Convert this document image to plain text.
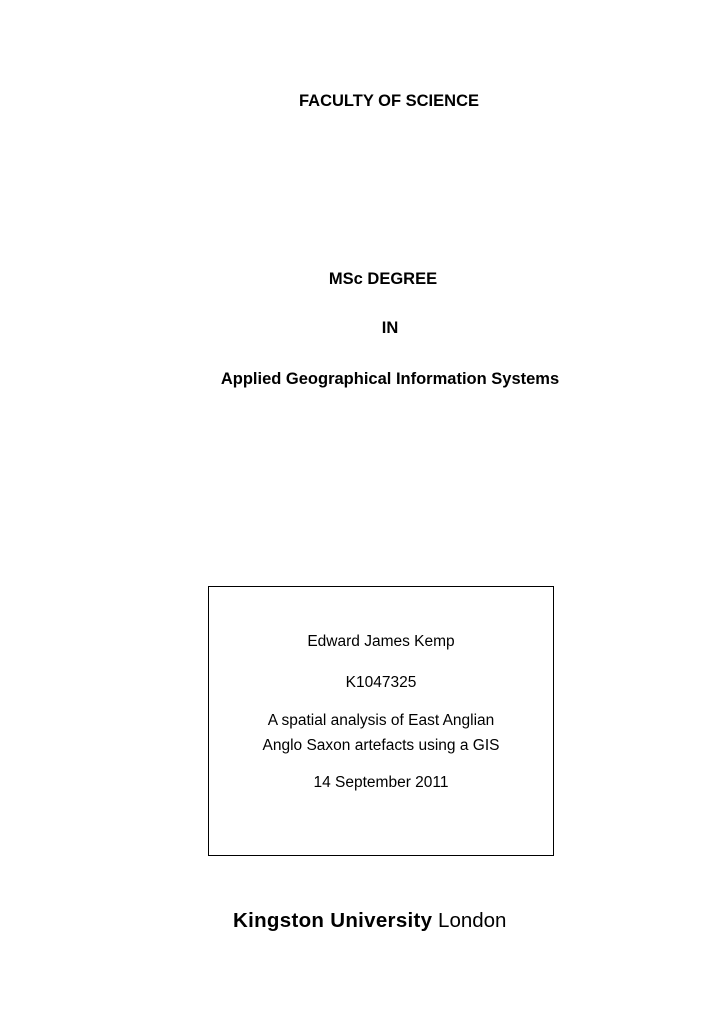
FACULTY OF SCIENCE
MSc DEGREE
IN
Applied Geographical Information Systems
Edward James Kemp
K1047325
A spatial analysis of East Anglian
Anglo Saxon artefacts using a GIS
14 September 2011
Kingston University London
